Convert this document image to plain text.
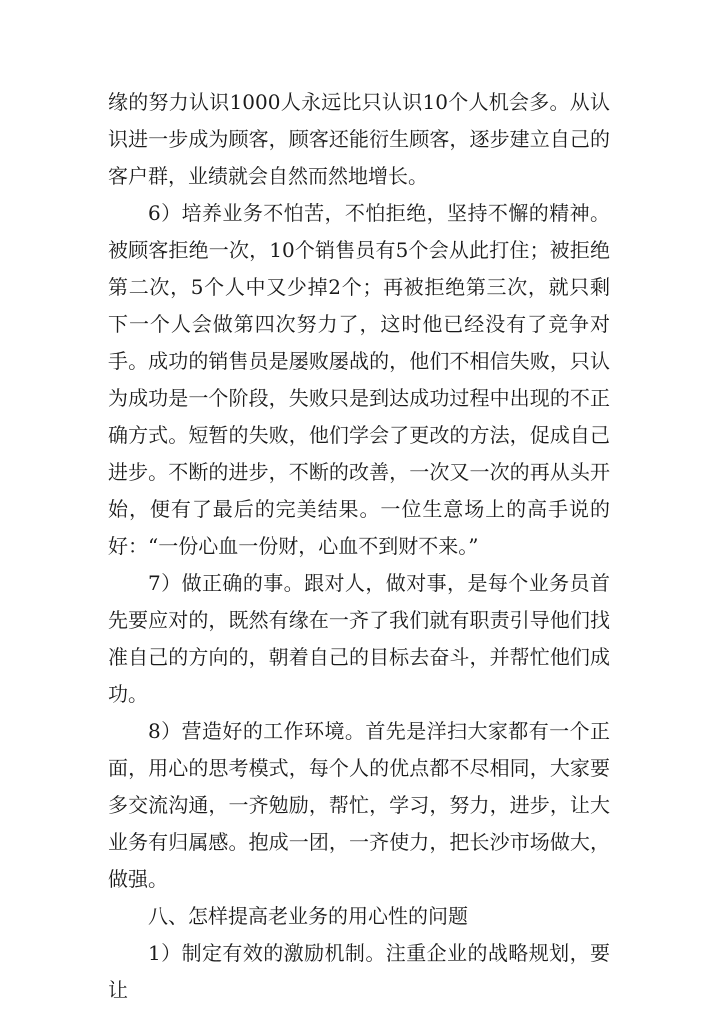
缘的努力认识1000人永远比只认识10个人机会多。从认识进一步成为顾客，顾客还能衍生顾客，逐步建立自己的客户群，业绩就会自然而然地增长。

6）培养业务不怕苦，不怕拒绝，坚持不懈的精神。被顾客拒绝一次，10个销售员有5个会从此打住；被拒绝第二次，5个人中又少掉2个；再被拒绝第三次，就只剩下一个人会做第四次努力了，这时他已经没有了竞争对手。成功的销售员是屡败屡战的，他们不相信失败，只认为成功是一个阶段，失败只是到达成功过程中出现的不正确方式。短暂的失败，他们学会了更改的方法，促成自己进步。不断的进步，不断的改善，一次又一次的再从头开始，便有了最后的完美结果。一位生意场上的高手说的好：“一份心血一份财，心血不到财不来。”

7）做正确的事。跟对人，做对事，是每个业务员首先要应对的，既然有缘在一齐了我们就有职责引导他们找准自己的方向的，朝着自己的目标去奋斗，并帮忙他们成功。

8）营造好的工作环境。首先是洋扫大家都有一个正面，用心的思考模式，每个人的优点都不尽相同，大家要多交流沟通，一齐勉励，帮忙，学习，努力，进步，让大业务有归属感。抱成一团，一齐使力，把长沙市场做大，做强。

八、怎样提高老业务的用心性的问题

1）制定有效的激励机制。注重企业的战略规划，要让
